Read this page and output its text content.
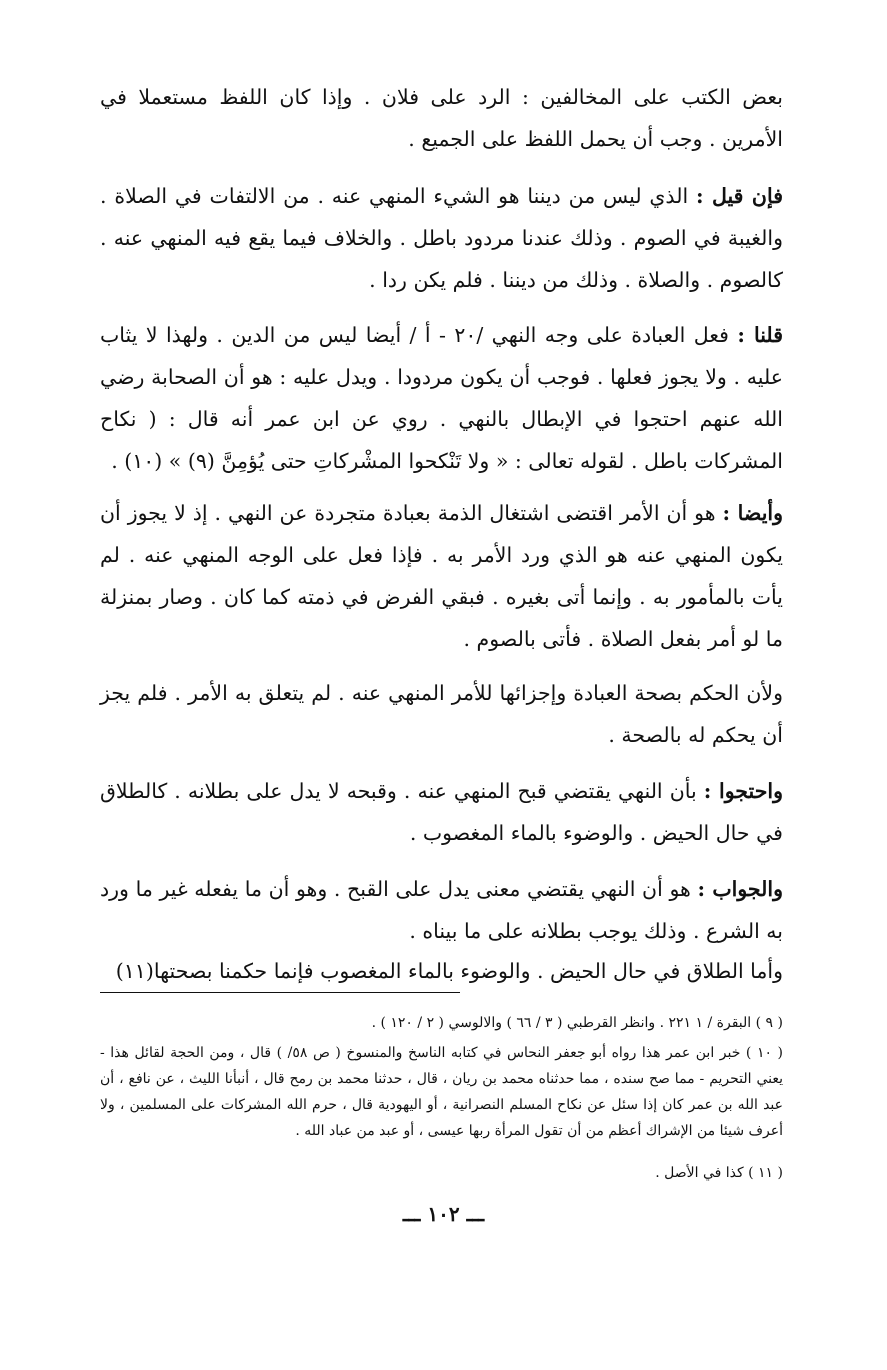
بعض الكتب على المخالفين : الرد على فلان . وإذا كان اللفظ مستعملا في الأمرين . وجب أن يحمل اللفظ على الجميع .

فإن قيل : الذي ليس من ديننا هو الشيء المنهي عنه . من الالتفات في الصلاة . والغيبة في الصوم . وذلك عندنا مردود باطل . والخلاف فيما يقع فيه المنهي عنه . كالصوم . والصلاة . وذلك من ديننا . فلم يكن ردا .

قلنا : فعل العبادة على وجه النهي /٢٠ - أ / أيضا ليس من الدين . ولهذا لا يثاب عليه . ولا يجوز فعلها . فوجب أن يكون مردودا . ويدل عليه : هو أن الصحابة رضي الله عنهم احتجوا في الإبطال بالنهي . روي عن ابن عمر أنه قال : ( نكاح المشركات باطل . لقوله تعالى : « ولا تَنْكحوا المشْركاتِ حتى يُؤمِنَّ (٩) » (١٠) .

وأيضا : هو أن الأمر اقتضى اشتغال الذمة بعبادة متجردة عن النهي . إذ لا يجوز أن يكون المنهي عنه هو الذي ورد الأمر به . فإذا فعل على الوجه المنهي عنه . لم يأت بالمأمور به . وإنما أتى بغيره . فبقي الفرض في ذمته كما كان . وصار بمنزلة ما لو أمر بفعل الصلاة . فأتى بالصوم .

ولأن الحكم بصحة العبادة وإجزائها للأمر المنهي عنه . لم يتعلق به الأمر . فلم يجز أن يحكم له بالصحة .

واحتجوا : بأن النهي يقتضي قبح المنهي عنه . وقبحه لا يدل على بطلانه . كالطلاق في حال الحيض . والوضوء بالماء المغصوب .

والجواب : هو أن النهي يقتضي معنى يدل على القبح . وهو أن ما يفعله غير ما ورد به الشرع . وذلك يوجب بطلانه على ما بيناه .

وأما الطلاق في حال الحيض . والوضوء بالماء المغصوب فإنما حكمنا بصحتها(١١)

( ٩ ) البقرة / ١ ٢٢١ . وانظر القرطبي ( ٣ / ٦٦ ) والالوسي ( ٢ / ١٢٠ ) .

( ١٠ ) خبر ابن عمر هذا رواه أبو جعفر النحاس في كتابه الناسخ والمنسوخ ( ص ٥٨/ ) قال ، ومن الحجة لقائل هذا - يعني التحريم - مما صح سنده ، مما حدثناه محمد بن ريان ، قال ، حدثنا محمد بن رمح قال ، أنبأنا الليث ، عن نافع ، أن عبد الله بن عمر كان إذا سئل عن نكاح المسلم النصرانية ، أو اليهودية قال ، حرم الله المشركات على المسلمين ، ولا أعرف شيئا من الإشراك أعظم من أن تقول المرأة ربها عيسى ، أو عبد من عباد الله .

( ١١ ) كذا في الأصل .

ـــ ١٠٢ ـــ
